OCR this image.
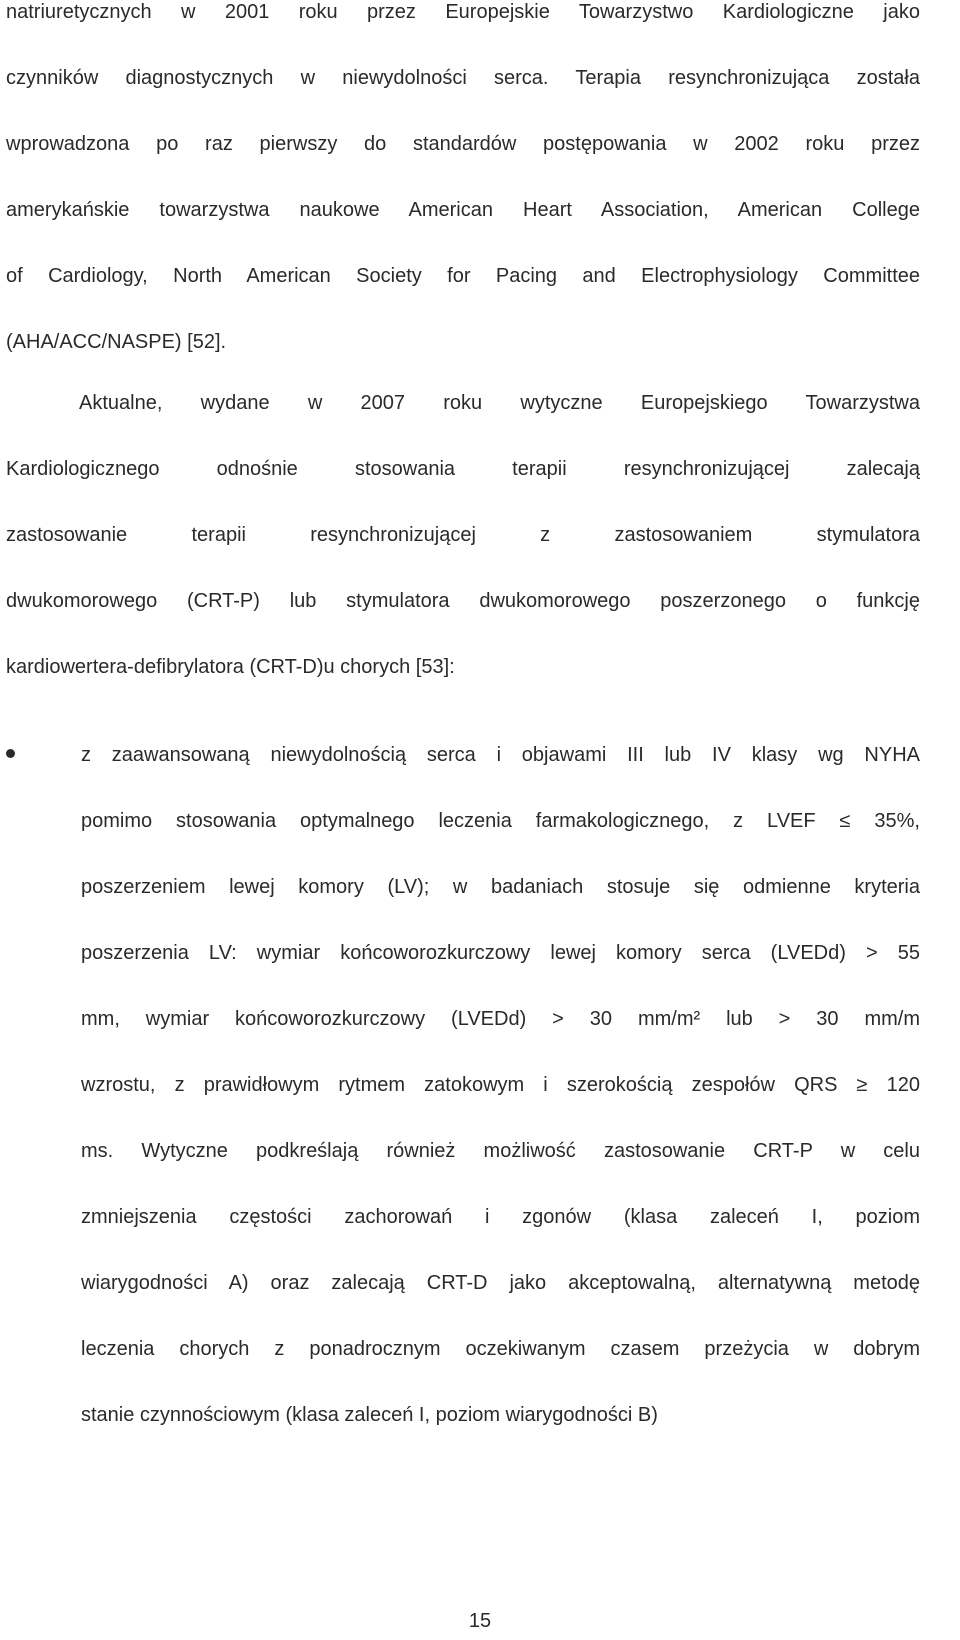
natriuretycznych w 2001 roku przez Europejskie Towarzystwo Kardiologiczne jako
czynników diagnostycznych w niewydolności serca. Terapia resynchronizująca została
wprowadzona po raz pierwszy do standardów postępowania w 2002 roku przez
amerykańskie towarzystwa naukowe American Heart Association, American College
of Cardiology, North American Society for Pacing and Electrophysiology Committee
(AHA/ACC/NASPE) [52].
Aktualne, wydane w 2007 roku wytyczne Europejskiego Towarzystwa
Kardiologicznego odnośnie stosowania terapii resynchronizującej zalecają
zastosowanie terapii resynchronizującej z zastosowaniem stymulatora
dwukomorowego (CRT-P) lub stymulatora dwukomorowego poszerzonego o funkcję
kardiowertera-defibrylatora (CRT-D)u chorych [53]:
z zaawansowaną niewydolnością serca i objawami III lub IV klasy wg NYHA
pomimo stosowania optymalnego leczenia farmakologicznego, z LVEF ≤ 35%,
poszerzeniem lewej komory (LV); w badaniach stosuje się odmienne kryteria
poszerzenia LV: wymiar końcoworozkurczowy lewej komory serca (LVEDd) > 55
mm, wymiar końcoworozkurczowy (LVEDd) > 30 mm/m² lub > 30 mm/m
wzrostu, z prawidłowym rytmem zatokowym i szerokością zespołów QRS ≥ 120
ms. Wytyczne podkreślają również możliwość zastosowanie CRT-P w celu
zmniejszenia częstości zachorowań i zgonów (klasa zaleceń I, poziom
wiarygodności A) oraz zalecają CRT-D jako akceptowalną, alternatywną metodę
leczenia chorych z ponadrocznym oczekiwanym czasem przeżycia w dobrym
stanie czynnościowym (klasa zaleceń I, poziom wiarygodności B)
15
